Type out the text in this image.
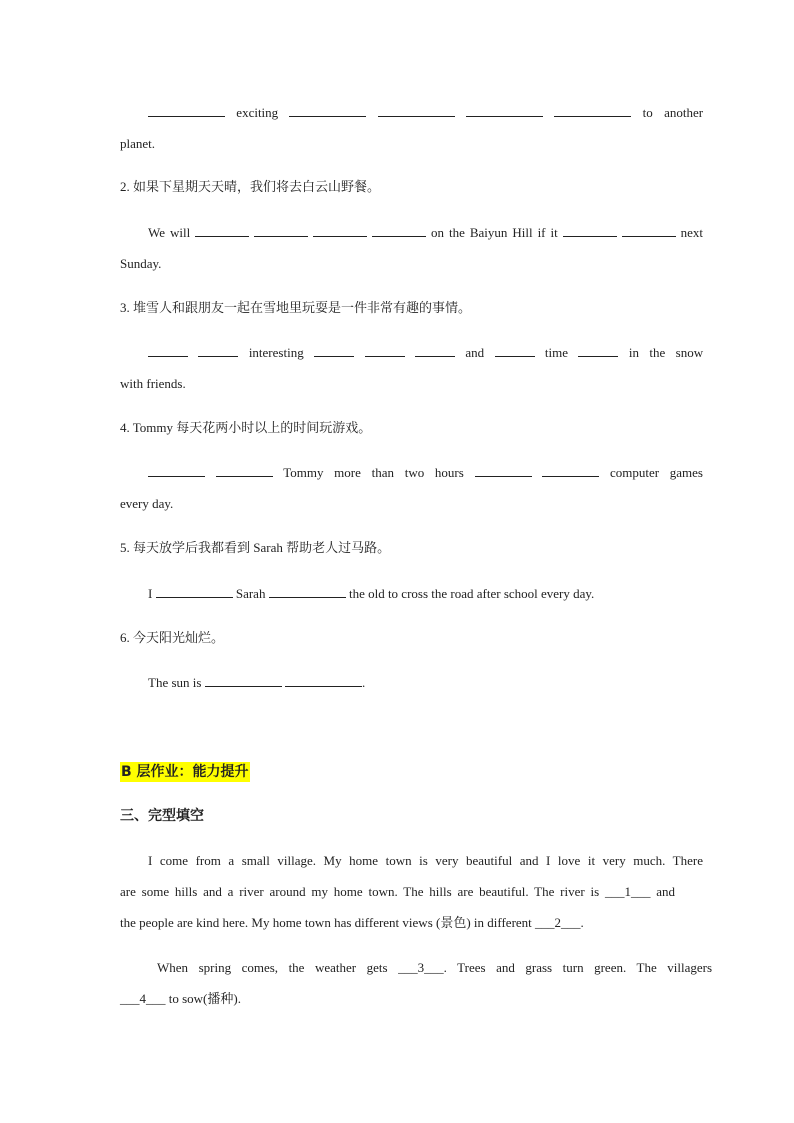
exciting	to another
planet.
2. 如果下星期天天晴，我们将去白云山野餐。
We will	on the Baiyun Hill if it	next
Sunday.
3. 堆雪人和跟朋友一起在雪地里玩耍是一件非常有趣的事情。
interesting	and	time	in the snow
with friends.
4. Tommy 每天花两小时以上的时间玩游戏。
Tommy more than two hours	computer games
every day.
5. 每天放学后我都看到 Sarah 帮助老人过马路。
I	Sarah	the old to cross the road after school every day.
6. 今天阳光灿烂。
The sun is	.
B 层作业：能力提升
三、完型填空
I come from a small village. My home town is very beautiful and I love it very much. There
are some hills and a river around my home town. The hills are beautiful. The river is ___1___ and
the people are kind here. My home town has different views (景色) in different ___2___.
When spring comes, the weather gets ___3___. Trees and grass turn green. The villagers
___4___ to sow(播种).
